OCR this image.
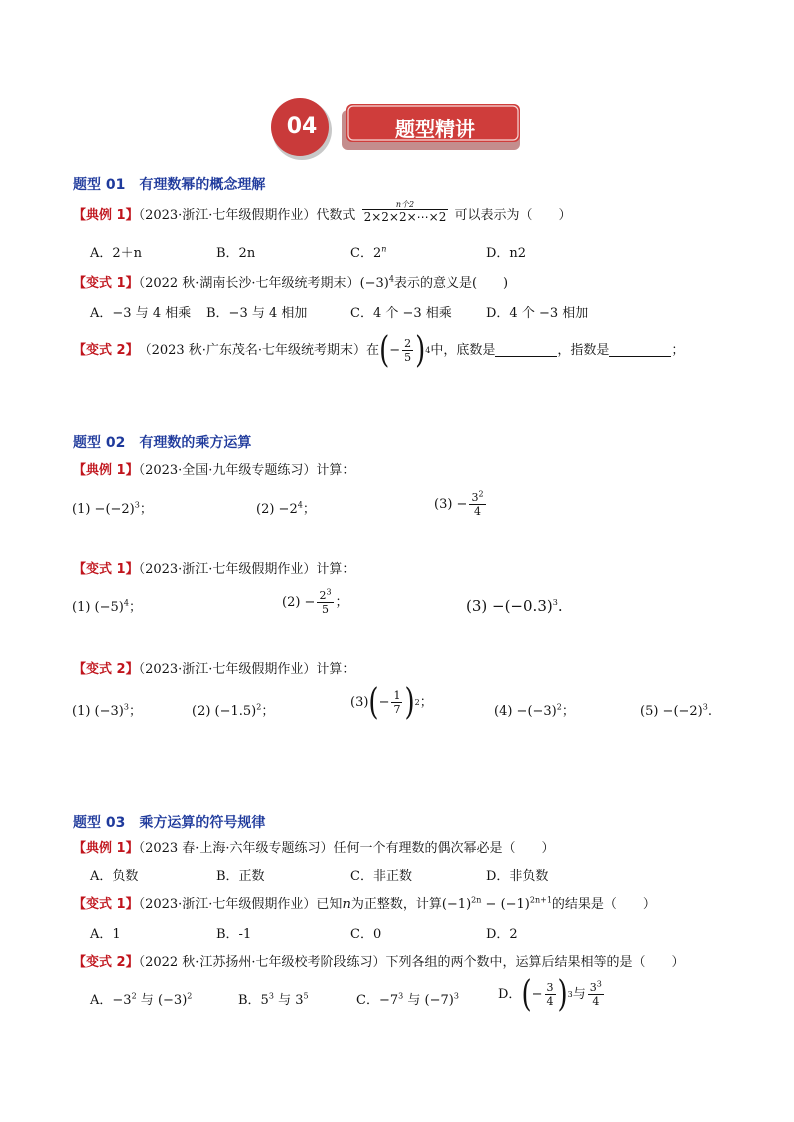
04	题型精讲
题型 01　有理数幂的概念理解
【典例 1】（2023·浙江·七年级假期作业）代数式 $\frac{\text{n个2}}{2\times 2\times 2\times\cdots\times 2}$ 可以表示为（　　）
A．2＋n	B．2n	C．2$^n$	D．n2
【变式 1】（2022 秋·湖南长沙·七年级统考期末）$(-3)^4$表示的意义是(　　)
A．−3 与 4 相乘 B．−3 与 4 相加	C．4 个 −3 相乘	D．4 个 −3 相加
【变式 2】 （2023 秋·广东茂名·七年级统考期末）在 ( − $\frac{2}{5}$ ) 4 中，底数是	，指数是	；
题型 02　有理数的乘方运算
【典例 1】（2023·全国·九年级专题练习）计算：
$(1) -(-2)^3$；	$(2) -2^4$；	$(3) - \frac{3^2}{4}$
【变式 1】（2023·浙江·七年级假期作业）计算：
(1) $(-5)^4$；	$(2) - \frac{2^3}{5}$ ；	$(3) -(-0.3)^3$.
【变式 2】（2023·浙江·七年级假期作业）计算：
(1) $(-3)^3$；	(2) $(-1.5)^2$；
(3) ( − $\frac{1}{7}$ ) 2 ；
$(4) -(-3)^2$；	$(5) -(-2)^3$.
题型 03　乘方运算的符号规律
【典例 1】（2023 春·上海·六年级专题练习）任何一个有理数的偶次幂必是（　　）
A．负数	B．正数	C．非正数	D．非负数
【变式 1】（2023·浙江·七年级假期作业）已知n为正整数，计算$(-1)^{2n} - (-1)^{2n+1}$的结果是（　　）
A．1	B．-1	C．0	D．2
【变式 2】（2022 秋·江苏扬州·七年级校考阶段练习）下列各组的两个数中，运算后结果相等的是（　　）
A．$-3^2$ 与 $(-3)^2$	B．$5^3$ 与 $3^5$	C．$-7^3$ 与 $(-7)^3$	D． ( − $\frac{3}{4}$ ) 3 与 $\frac{3^3}{4}$
